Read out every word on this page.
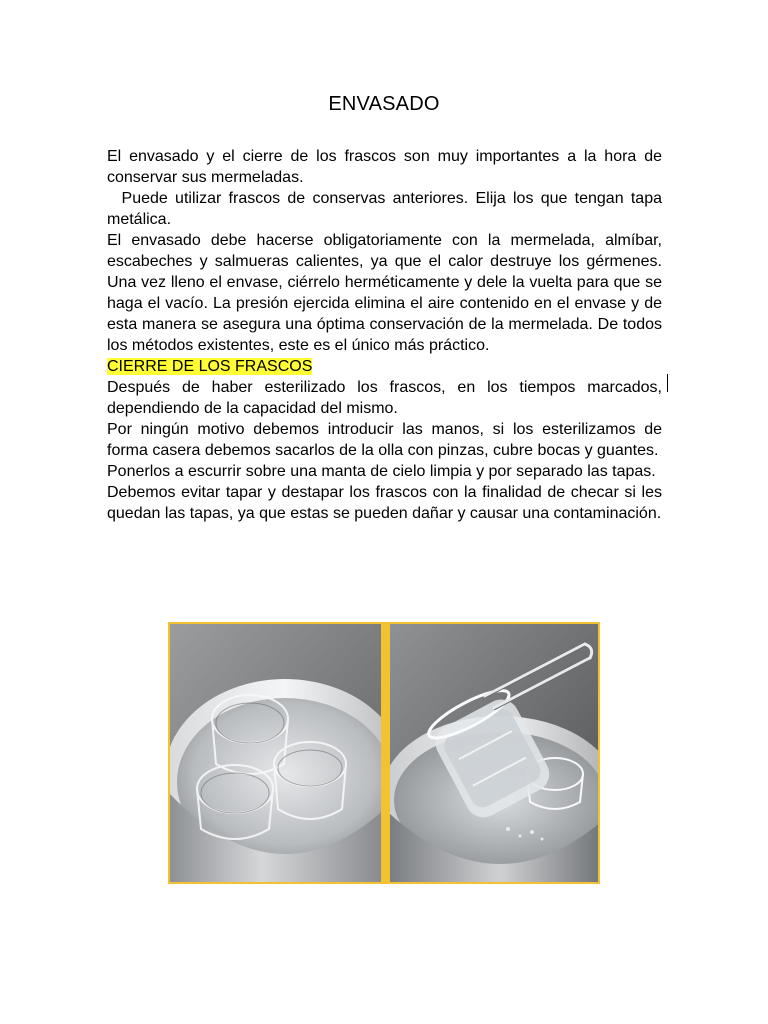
ENVASADO

El envasado y el cierre de los frascos son muy importantes a la hora de conservar sus mermeladas.

Puede utilizar frascos de conservas anteriores. Elija los que tengan tapa metálica.

El envasado debe hacerse obligatoriamente con la mermelada, almíbar, escabeches y salmueras calientes, ya que el calor destruye los gérmenes. Una vez lleno el envase, ciérrelo herméticamente y dele la vuelta para que se haga el vacío. La presión ejercida elimina el aire contenido en el envase y de esta manera se asegura una óptima conservación de la mermelada. De todos los métodos existentes, este es el único más práctico.

CIERRE DE LOS FRASCOS

Después de haber esterilizado los frascos, en los tiempos marcados, dependiendo de la capacidad del mismo.

Por ningún motivo debemos introducir las manos, si los esterilizamos de forma casera debemos sacarlos de la olla con pinzas, cubre bocas y guantes.

Ponerlos a escurrir sobre una manta de cielo limpia y por separado las tapas.

Debemos evitar tapar y destapar los frascos con la finalidad de checar si les quedan las tapas, ya que estas se pueden dañar y causar una contaminación.
